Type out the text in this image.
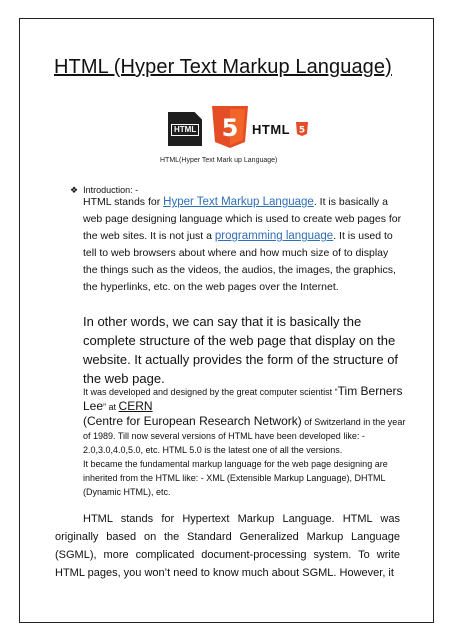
HTML (Hyper Text Markup Language)
HTML 5 HTML 5
HTML(Hyper Text Mark up Language)
❖ Introduction: -
HTML stands for Hyper Text Markup Language. It is basically a web page designing language which is used to create web pages for the web sites. It is not just a programming language. It is used to tell to web browsers about where and how much size of to display the things such as the videos, the audios, the images, the graphics, the hyperlinks, etc. on the web pages over the Internet.
In other words, we can say that it is basically the complete structure of the web page that display on the website. It actually provides the form of the structure of the web page.
It was developed and designed by the great computer scientist “Tim Berners Lee” at CERN
(Centre for European Research Network) of Switzerland in the year of 1989. Till now several versions of HTML have been developed like: - 2.0,3.0,4.0,5.0, etc. HTML 5.0 is the latest one of all the versions.
It became the fundamental markup language for the web page designing are inherited from the HTML like: - XML (Extensible Markup Language), DHTML (Dynamic HTML), etc.
HTML stands for Hypertext Markup Language. HTML was originally based on the Standard Generalized Markup Language (SGML), more complicated document-processing system. To write HTML pages, you won’t need to know much about SGML. However, it
